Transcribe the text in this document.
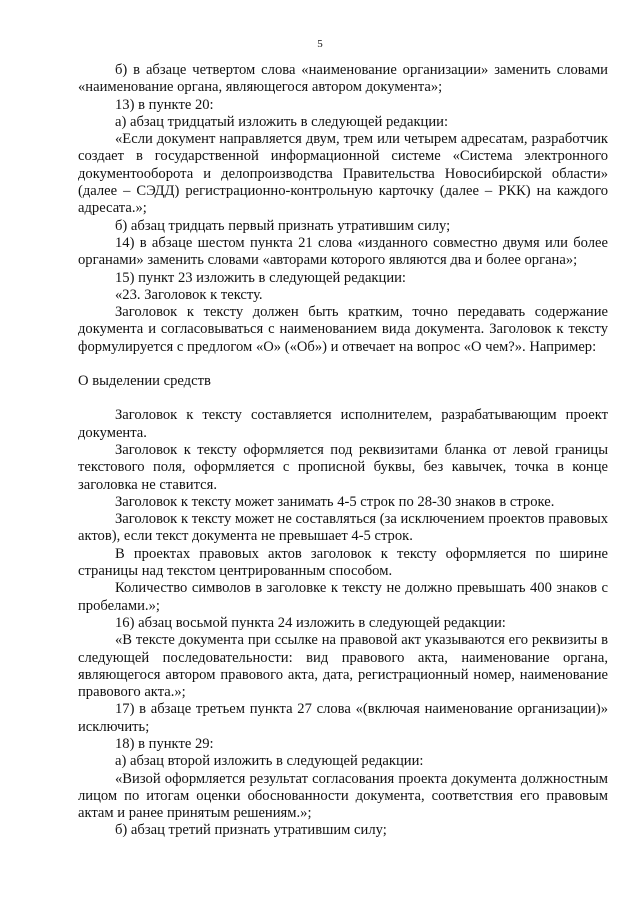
5

б) в абзаце четвертом слова «наименование организации» заменить словами «наименование органа, являющегося автором документа»;

13) в пункте 20:

а) абзац тридцатый изложить в следующей редакции:

«Если документ направляется двум, трем или четырем адресатам, разработчик создает в государственной информационной системе «Система электронного документооборота и делопроизводства Правительства Новосибирской области» (далее – СЭДД) регистрационно-контрольную карточку (далее – РКК) на каждого адресата.»;

б) абзац тридцать первый признать утратившим силу;

14) в абзаце шестом пункта 21 слова «изданного совместно двумя или более органами» заменить словами «авторами которого являются два и более органа»;

15) пункт 23 изложить в следующей редакции:

«23. Заголовок к тексту.

Заголовок к тексту должен быть кратким, точно передавать содержание документа и согласовываться с наименованием вида документа. Заголовок к тексту формулируется с предлогом «О» («Об») и отвечает на вопрос «О чем?». Например:

О выделении средств

Заголовок к тексту составляется исполнителем, разрабатывающим проект документа.

Заголовок к тексту оформляется под реквизитами бланка от левой границы текстового поля, оформляется с прописной буквы, без кавычек, точка в конце заголовка не ставится.

Заголовок к тексту может занимать 4-5 строк по 28-30 знаков в строке.

Заголовок к тексту может не составляться (за исключением проектов правовых актов), если текст документа не превышает 4-5 строк.

В проектах правовых актов заголовок к тексту оформляется по ширине страницы над текстом центрированным способом.

Количество символов в заголовке к тексту не должно превышать 400 знаков с пробелами.»;

16) абзац восьмой пункта 24 изложить в следующей редакции:

«В тексте документа при ссылке на правовой акт указываются его реквизиты в следующей последовательности: вид правового акта, наименование органа, являющегося автором правового акта, дата, регистрационный номер, наименование правового акта.»;

17) в абзаце третьем пункта 27 слова «(включая наименование организации)» исключить;

18) в пункте 29:

а) абзац второй изложить в следующей редакции:

«Визой оформляется результат согласования проекта документа должностным лицом по итогам оценки обоснованности документа, соответствия его правовым актам и ранее принятым решениям.»;

б) абзац третий признать утратившим силу;
